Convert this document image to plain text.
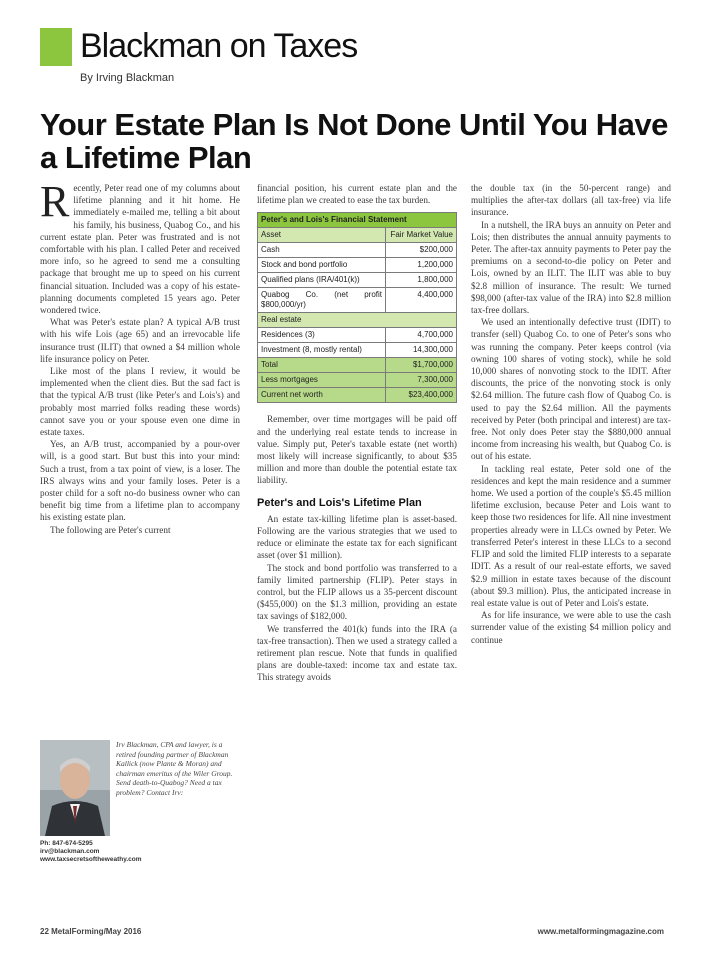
Blackman on Taxes
By Irving Blackman
Your Estate Plan Is Not Done Until You Have a Lifetime Plan

Recently, Peter read one of my columns about lifetime planning and it hit home. He immediately e-mailed me, telling a bit about his family, his business, Quabog Co., and his current estate plan. Peter was frustrated and is not comfortable with his plan. I called Peter and received more info, so he agreed to send me a consulting package that brought me up to speed on his current financial situation. Included was a copy of his estate-planning documents completed 15 years ago. Peter wondered twice.

What was Peter's estate plan? A typical A/B trust with his wife Lois (age 65) and an irrevocable life insurance trust (ILIT) that owned a $4 million whole life insurance policy on Peter.

Like most of the plans I review, it would be implemented when the client dies. But the sad fact is that the typical A/B trust (like Peter's and Lois's) and probably most married folks reading these words) cannot save you or your spouse even one dime in estate taxes.

Yes, an A/B trust, accompanied by a pour-over will, is a good start. But bust this into your mind: Such a trust, from a tax point of view, is a loser. The IRS always wins and your family loses. Peter is a poster child for a soft no-do business owner who can benefit big time from a lifetime plan to accompany his existing estate plan.

The following are Peter's current

financial position, his current estate plan and the lifetime plan we created to ease the tax burden.

Peter's and Lois's Financial Statement	
Asset	Fair Market Value
Cash	$200,000
Stock and bond portfolio	1,200,000
Qualified plans (IRA/401(k))	1,800,000
Quabog Co. (net profit $800,000/yr)	4,400,000
Real estate	
Residences (3)	4,700,000
Investment (8, mostly rental)	14,300,000
Total	$1,700,000
Less mortgages	7,300,000
Current net worth	$23,400,000

Remember, over time mortgages will be paid off and the underlying real estate tends to increase in value. Simply put, Peter's taxable estate (net worth) most likely will increase significantly, to about $35 million and more than double the potential estate tax liability.

Peter's and Lois's Lifetime Plan

An estate tax-killing lifetime plan is asset-based. Following are the various strategies that we used to reduce or eliminate the estate tax for each significant asset (over $1 million).

The stock and bond portfolio was transferred to a family limited partnership (FLIP). Peter stays in control, but the FLIP allows us a 35-percent discount ($455,000) on the $1.3 million, providing an estate tax savings of $182,000.

We transferred the 401(k) funds into the IRA (a tax-free transaction). Then we used a strategy called a retirement plan rescue. Note that funds in qualified plans are double-taxed: income tax and estate tax. This strategy avoids

the double tax (in the 50-percent range) and multiplies the after-tax dollars (all tax-free) via life insurance.

In a nutshell, the IRA buys an annuity on Peter and Lois; then distributes the annual annuity payments to Peter. The after-tax annuity payments to Peter pay the premiums on a second-to-die policy on Peter and Lois, owned by an ILIT. The ILIT was able to buy $2.8 million of insurance. The result: We turned $98,000 (after-tax value of the IRA) into $2.8 million tax-free dollars.

We used an intentionally defective trust (IDIT) to transfer (sell) Quabog Co. to one of Peter's sons who was running the company. Peter keeps control (via owning 100 shares of voting stock), while he sold 10,000 shares of nonvoting stock to the IDIT. After discounts, the price of the nonvoting stock is only $2.64 million. The future cash flow of Quabog Co. is used to pay the $2.64 million. All the payments received by Peter (both principal and interest) are tax-free. Not only does Peter stay the $880,000 annual income from increasing his wealth, but Quabog Co. is out of his estate.

In tackling real estate, Peter sold one of the residences and kept the main residence and a summer home. We used a portion of the couple's $5.45 million lifetime exclusion, because Peter and Lois want to keep those two residences for life. All nine investment properties already were in LLCs owned by Peter. We transferred Peter's interest in these LLCs to a second FLIP and sold the limited FLIP interests to a separate IDIT. As a result of our real-estate efforts, we saved $2.9 million in estate taxes because of the discount (about $9.3 million). Plus, the anticipated increase in real estate value is out of Peter and Lois's estate.

As for life insurance, we were able to use the cash surrender value of the existing $4 million policy and continue

Irv Blackman, CPA and lawyer, is a retired founding partner of Blackman Kallick (now Plante & Moran) and chairman emeritus of the Wiler Group. Send death-to-Quabog? Need a tax problem? Contact Irv:
Ph: 847-674-5295
irv@blackman.com
www.taxsecretsoftheweathy.com
22 MetalForming/May 2016	www.metalformingmagazine.com
